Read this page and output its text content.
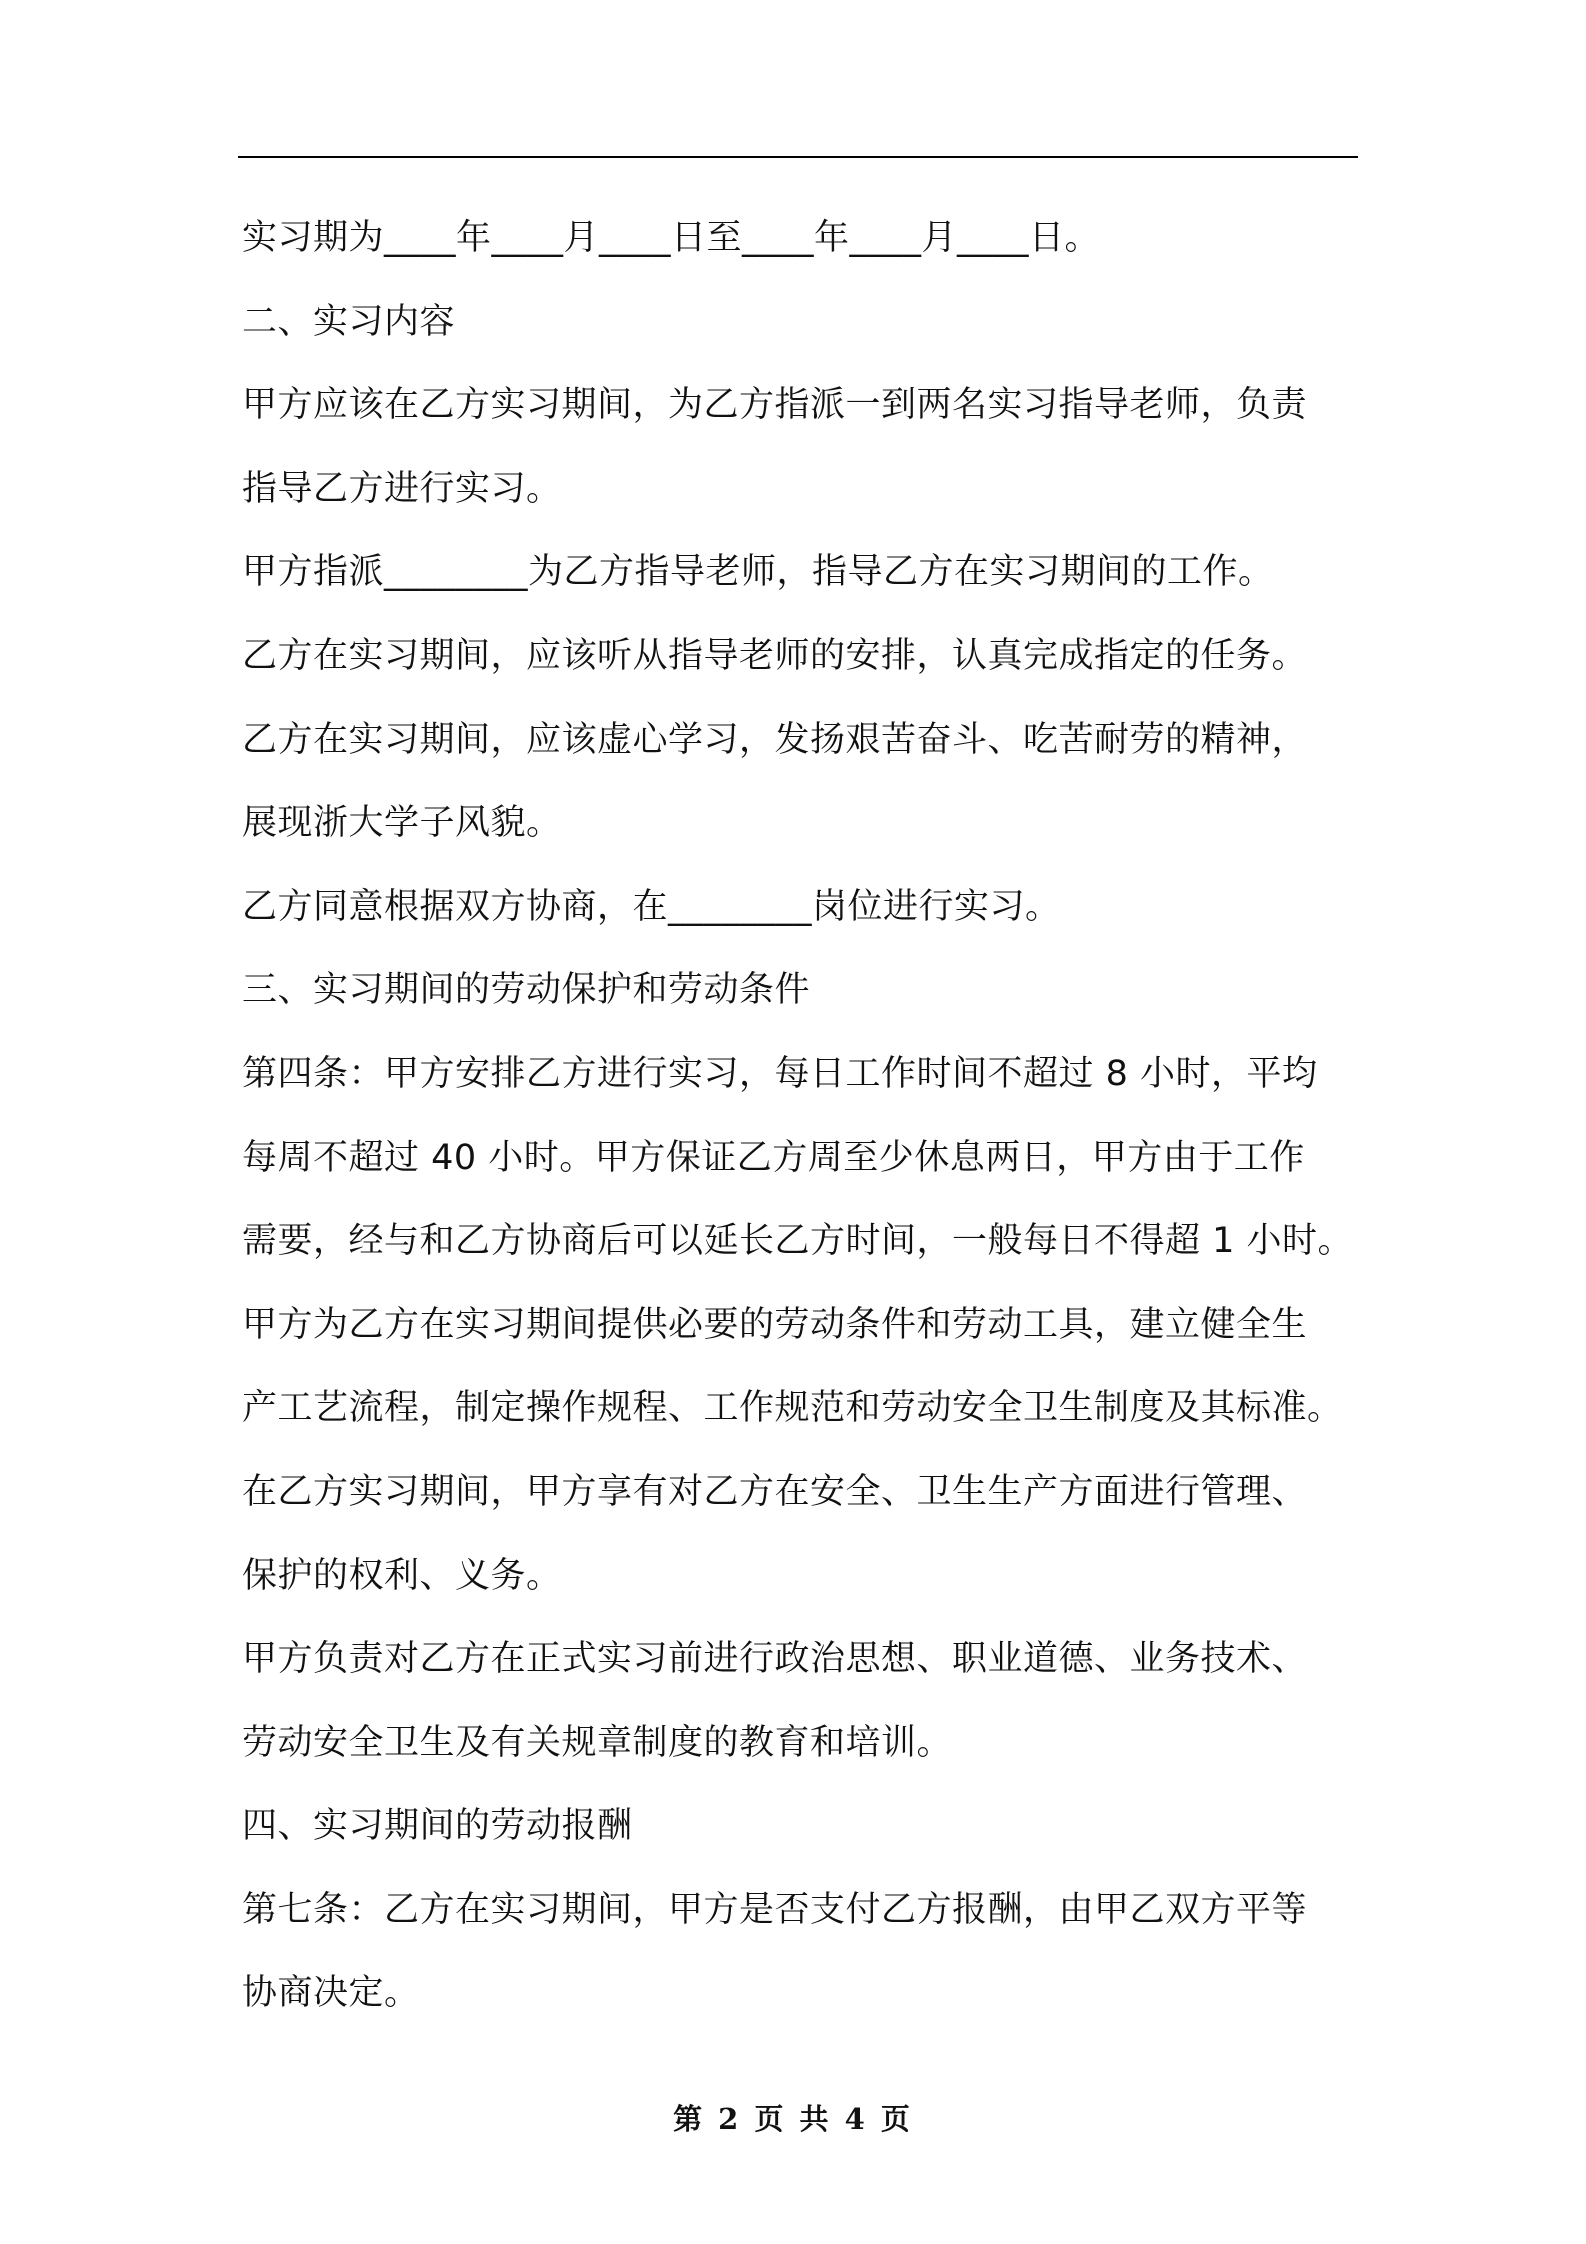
实习期为____年____月____日至____年____月____日。
二、实习内容
甲方应该在乙方实习期间，为乙方指派一到两名实习指导老师，负责
指导乙方进行实习。
甲方指派________为乙方指导老师，指导乙方在实习期间的工作。
乙方在实习期间，应该听从指导老师的安排，认真完成指定的任务。
乙方在实习期间，应该虚心学习，发扬艰苦奋斗、吃苦耐劳的精神，
展现浙大学子风貌。
乙方同意根据双方协商，在________岗位进行实习。
三、实习期间的劳动保护和劳动条件
第四条：甲方安排乙方进行实习，每日工作时间不超过 8 小时，平均
每周不超过 40 小时。甲方保证乙方周至少休息两日，甲方由于工作
需要，经与和乙方协商后可以延长乙方时间，一般每日不得超 1 小时。
甲方为乙方在实习期间提供必要的劳动条件和劳动工具，建立健全生
产工艺流程，制定操作规程、工作规范和劳动安全卫生制度及其标准。
在乙方实习期间，甲方享有对乙方在安全、卫生生产方面进行管理、
保护的权利、义务。
甲方负责对乙方在正式实习前进行政治思想、职业道德、业务技术、
劳动安全卫生及有关规章制度的教育和培训。
四、实习期间的劳动报酬
第七条：乙方在实习期间，甲方是否支付乙方报酬，由甲乙双方平等
协商决定。
第 2 页 共 4 页
